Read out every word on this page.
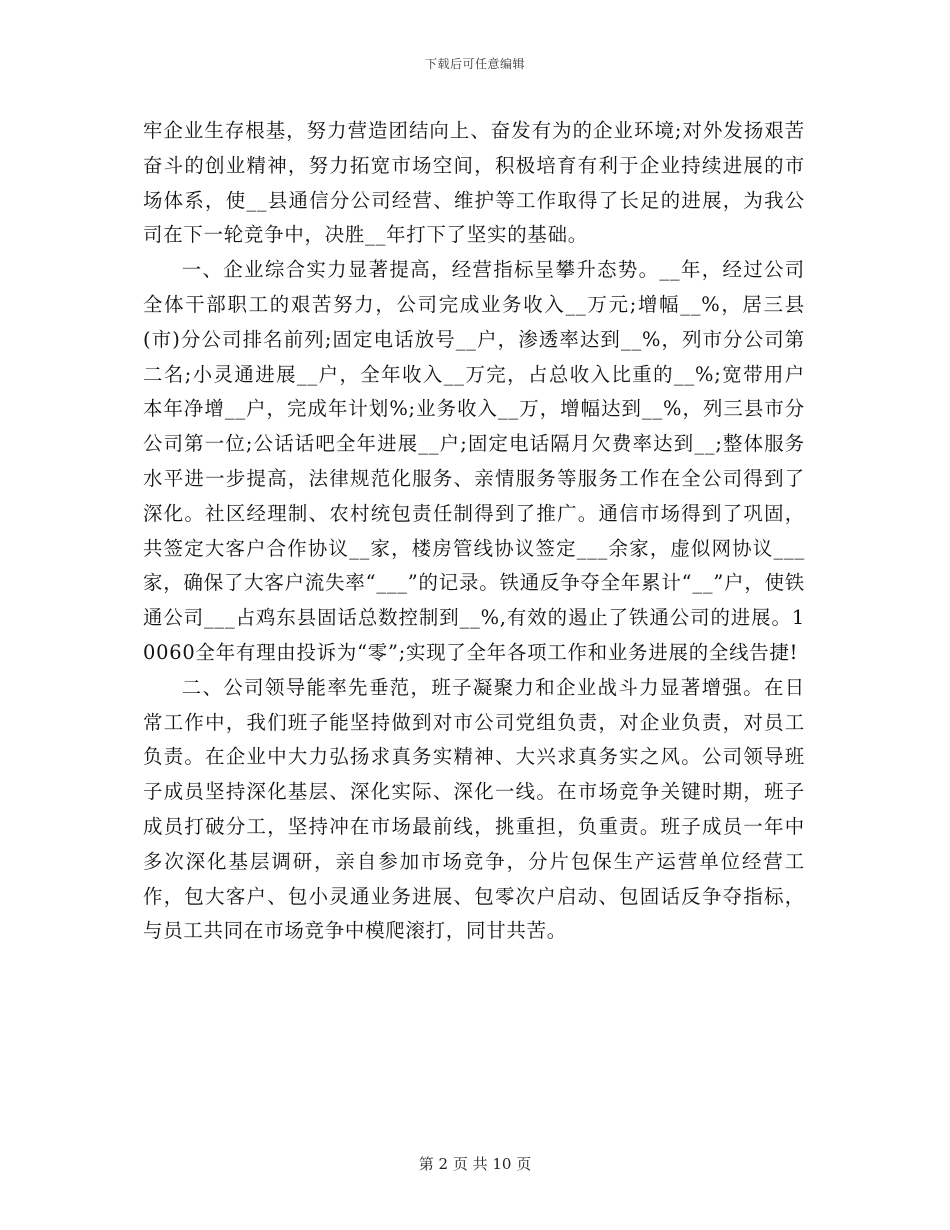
下载后可任意编辑

牢企业生存根基，努力营造团结向上、奋发有为的企业环境;对外发扬艰苦奋斗的创业精神，努力拓宽市场空间，积极培育有利于企业持续进展的市场体系，使__县通信分公司经营、维护等工作取得了长足的进展，为我公司在下一轮竞争中，决胜__年打下了坚实的基础。

一、企业综合实力显著提高，经营指标呈攀升态势。__年，经过公司全体干部职工的艰苦努力，公司完成业务收入__万元;增幅__%，居三县(市)分公司排名前列;固定电话放号__户，渗透率达到__%，列市分公司第二名;小灵通进展__户，全年收入__万完，占总收入比重的__%;宽带用户本年净增__户，完成年计划%;业务收入__万，增幅达到__%，列三县市分公司第一位;公话话吧全年进展__户;固定电话隔月欠费率达到__;整体服务水平进一步提高，法律规范化服务、亲情服务等服务工作在全公司得到了深化。社区经理制、农村统包责任制得到了推广。通信市场得到了巩固，共签定大客户合作协议__家，楼房管线协议签定___余家，虚似网协议___家，确保了大客户流失率“___”的记录。铁通反争夺全年累计“__”户，使铁通公司___占鸡东县固话总数控制到__%,有效的遏止了铁通公司的进展。10060全年有理由投诉为“零”;实现了全年各项工作和业务进展的全线告捷!

二、公司领导能率先垂范，班子凝聚力和企业战斗力显著增强。在日常工作中，我们班子能坚持做到对市公司党组负责，对企业负责，对员工负责。在企业中大力弘扬求真务实精神、大兴求真务实之风。公司领导班子成员坚持深化基层、深化实际、深化一线。在市场竞争关键时期，班子成员打破分工，坚持冲在市场最前线，挑重担，负重责。班子成员一年中多次深化基层调研，亲自参加市场竞争，分片包保生产运营单位经营工作，包大客户、包小灵通业务进展、包零次户启动、包固话反争夺指标，与员工共同在市场竞争中模爬滚打，同甘共苦。

第 2 页 共 10 页
